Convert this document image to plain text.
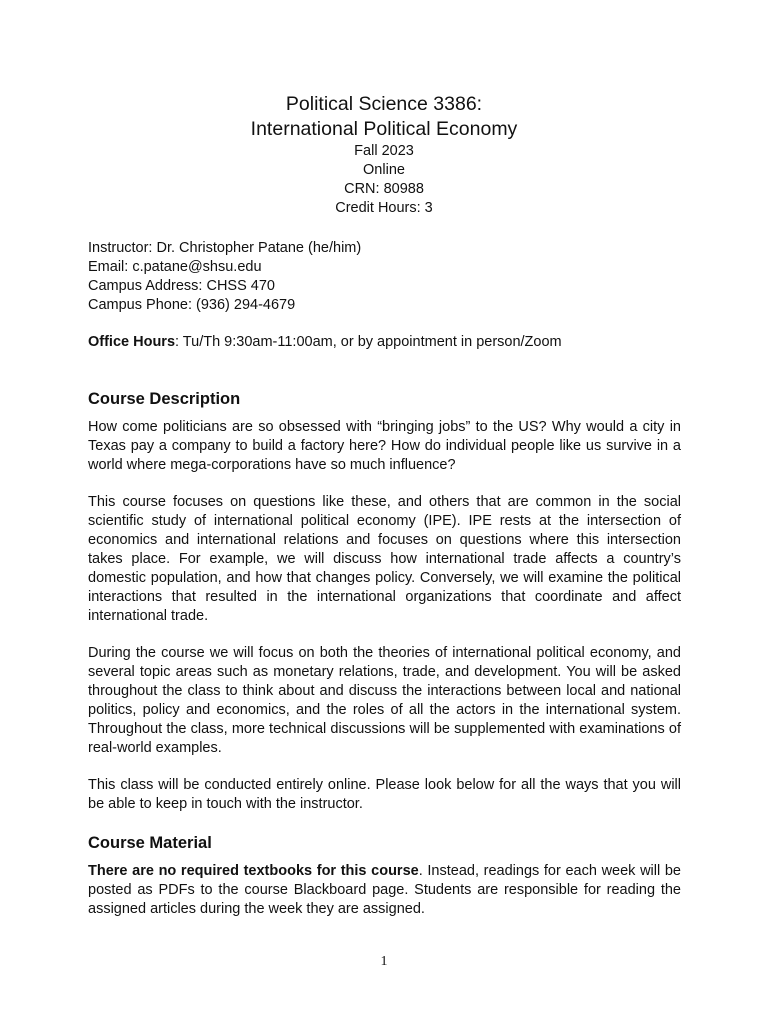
Political Science 3386:

International Political Economy

Fall 2023

Online

CRN: 80988

Credit Hours: 3

Instructor: Dr. Christopher Patane (he/him)

Email: c.patane@shsu.edu

Campus Address: CHSS 470

Campus Phone: (936) 294-4679

Office Hours: Tu/Th 9:30am-11:00am, or by appointment in person/Zoom

Course Description

How come politicians are so obsessed with “bringing jobs” to the US? Why would a city in Texas pay a company to build a factory here? How do individual people like us survive in a world where mega-corporations have so much influence?

This course focuses on questions like these, and others that are common in the social scientific study of international political economy (IPE). IPE rests at the intersection of economics and international relations and focuses on questions where this intersection takes place. For example, we will discuss how international trade affects a country’s domestic population, and how that changes policy. Conversely, we will examine the political interactions that resulted in the international organizations that coordinate and affect international trade.

During the course we will focus on both the theories of international political economy, and several topic areas such as monetary relations, trade, and development. You will be asked throughout the class to think about and discuss the interactions between local and national politics, policy and economics, and the roles of all the actors in the international system. Throughout the class, more technical discussions will be supplemented with examinations of real-world examples.

This class will be conducted entirely online. Please look below for all the ways that you will be able to keep in touch with the instructor.

Course Material

There are no required textbooks for this course. Instead, readings for each week will be posted as PDFs to the course Blackboard page. Students are responsible for reading the assigned articles during the week they are assigned.

1
